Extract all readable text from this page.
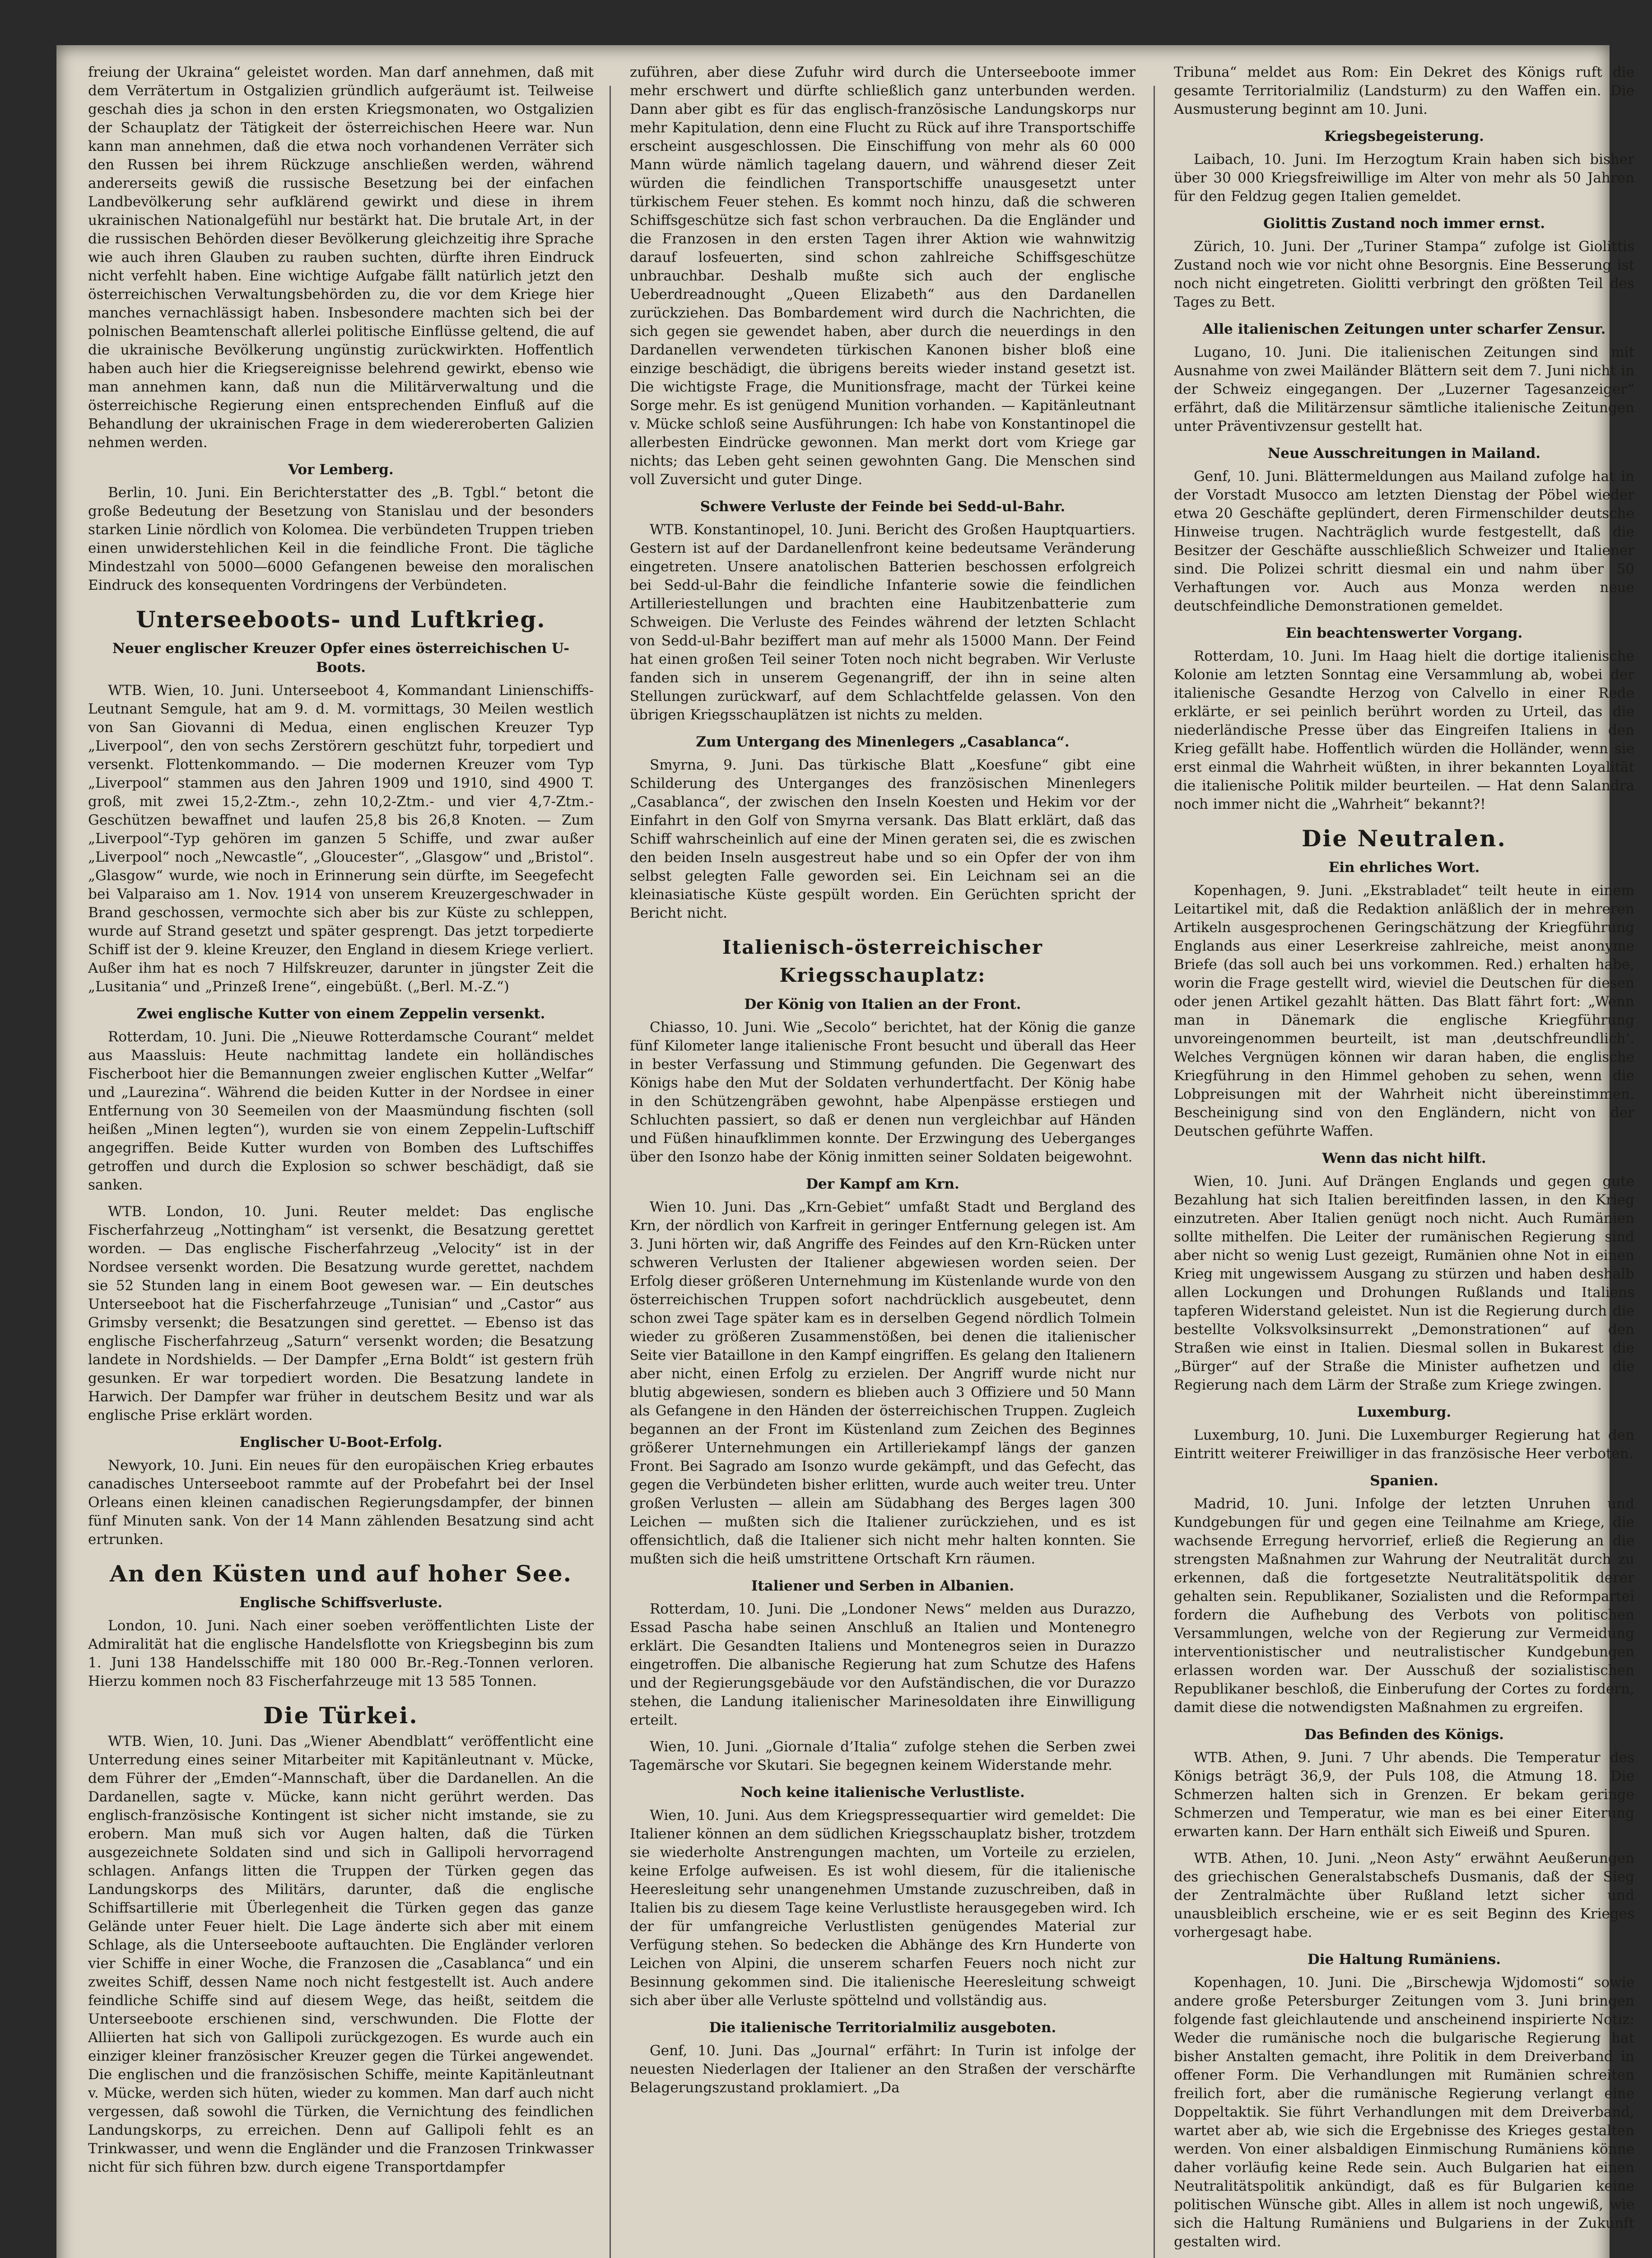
freiung der Ukraina“ geleistet worden. Man darf annehmen, daß mit dem Verrätertum in Ostgalizien gründlich aufgeräumt ist. Teilweise geschah dies ja schon in den ersten Kriegsmonaten, wo Ostgalizien der Schauplatz der Tätigkeit der österreichischen Heere war. Nun kann man annehmen, daß die etwa noch vorhandenen Verräter sich den Russen bei ihrem Rückzuge anschließen werden, während andererseits gewiß die russische Besetzung bei der einfachen Landbevölkerung sehr aufklärend gewirkt und diese in ihrem ukrainischen Nationalgefühl nur bestärkt hat. Die brutale Art, in der die russischen Behörden dieser Bevölkerung gleichzeitig ihre Sprache wie auch ihren Glauben zu rauben suchten, dürfte ihren Eindruck nicht verfehlt haben. Eine wichtige Aufgabe fällt natürlich jetzt den österreichischen Verwaltungsbehörden zu, die vor dem Kriege hier manches vernachlässigt haben. Insbesondere machten sich bei der polnischen Beamtenschaft allerlei politische Einflüsse geltend, die auf die ukrainische Bevölkerung ungünstig zurückwirkten. Hoffentlich haben auch hier die Kriegsereignisse belehrend gewirkt, ebenso wie man annehmen kann, daß nun die Militärverwaltung und die österreichische Regierung einen entsprechenden Einfluß auf die Behandlung der ukrainischen Frage in dem wiedereroberten Galizien nehmen werden.

Vor Lemberg.

Berlin, 10. Juni. Ein Berichterstatter des „B. Tgbl.“ betont die große Bedeutung der Besetzung von Stanislau und der besonders starken Linie nördlich von Kolomea. Die verbündeten Truppen trieben einen unwiderstehlichen Keil in die feindliche Front. Die tägliche Mindestzahl von 5000—6000 Gefangenen beweise den moralischen Eindruck des konsequenten Vordringens der Verbündeten.

Unterseeboots- und Luftkrieg.
Neuer englischer Kreuzer Opfer eines österreichischen U-Boots.

WTB. Wien, 10. Juni. Unterseeboot 4, Kommandant Linienschiffs-Leutnant Semgule, hat am 9. d. M. vormittags, 30 Meilen westlich von San Giovanni di Medua, einen englischen Kreuzer Typ „Liverpool“, den von sechs Zerstörern geschützt fuhr, torpediert und versenkt. Flottenkommando. — Die modernen Kreuzer vom Typ „Liverpool“ stammen aus den Jahren 1909 und 1910, sind 4900 T. groß, mit zwei 15,2-Ztm.-, zehn 10,2-Ztm.- und vier 4,7-Ztm.-Geschützen bewaffnet und laufen 25,8 bis 26,8 Knoten. — Zum „Liverpool“-Typ gehören im ganzen 5 Schiffe, und zwar außer „Liverpool“ noch „Newcastle“, „Gloucester“, „Glasgow“ und „Bristol“. „Glasgow“ wurde, wie noch in Erinnerung sein dürfte, im Seegefecht bei Valparaiso am 1. Nov. 1914 von unserem Kreuzergeschwader in Brand geschossen, vermochte sich aber bis zur Küste zu schleppen, wurde auf Strand gesetzt und später gesprengt. Das jetzt torpedierte Schiff ist der 9. kleine Kreuzer, den England in diesem Kriege verliert. Außer ihm hat es noch 7 Hilfskreuzer, darunter in jüngster Zeit die „Lusitania“ und „Prinzeß Irene“, eingebüßt. („Berl. M.-Z.“)

Zwei englische Kutter von einem Zeppelin versenkt.

Rotterdam, 10. Juni. Die „Nieuwe Rotterdamsche Courant“ meldet aus Maassluis: Heute nachmittag landete ein holländisches Fischerboot hier die Bemannungen zweier englischen Kutter „Welfar“ und „Laurezina“. Während die beiden Kutter in der Nordsee in einer Entfernung von 30 Seemeilen von der Maasmündung fischten (soll heißen „Minen legten“), wurden sie von einem Zeppelin-Luftschiff angegriffen. Beide Kutter wurden von Bomben des Luftschiffes getroffen und durch die Explosion so schwer beschädigt, daß sie sanken.

WTB. London, 10. Juni. Reuter meldet: Das englische Fischerfahrzeug „Nottingham“ ist versenkt, die Besatzung gerettet worden. — Das englische Fischerfahrzeug „Velocity“ ist in der Nordsee versenkt worden. Die Besatzung wurde gerettet, nachdem sie 52 Stunden lang in einem Boot gewesen war. — Ein deutsches Unterseeboot hat die Fischerfahrzeuge „Tunisian“ und „Castor“ aus Grimsby versenkt; die Besatzungen sind gerettet. — Ebenso ist das englische Fischerfahrzeug „Saturn“ versenkt worden; die Besatzung landete in Nordshields. — Der Dampfer „Erna Boldt“ ist gestern früh gesunken. Er war torpediert worden. Die Besatzung landete in Harwich. Der Dampfer war früher in deutschem Besitz und war als englische Prise erklärt worden.

Englischer U-Boot-Erfolg.

Newyork, 10. Juni. Ein neues für den europäischen Krieg erbautes canadisches Unterseeboot rammte auf der Probefahrt bei der Insel Orleans einen kleinen canadischen Regierungsdampfer, der binnen fünf Minuten sank. Von der 14 Mann zählenden Besatzung sind acht ertrunken.

An den Küsten und auf hoher See.
Englische Schiffsverluste.

London, 10. Juni. Nach einer soeben veröffentlichten Liste der Admiralität hat die englische Handelsflotte von Kriegsbeginn bis zum 1. Juni 138 Handelsschiffe mit 180 000 Br.-Reg.-Tonnen verloren. Hierzu kommen noch 83 Fischerfahrzeuge mit 13 585 Tonnen.

Die Türkei.

WTB. Wien, 10. Juni. Das „Wiener Abendblatt“ veröffentlicht eine Unterredung eines seiner Mitarbeiter mit Kapitänleutnant v. Mücke, dem Führer der „Emden“-Mannschaft, über die Dardanellen. An die Dardanellen, sagte v. Mücke, kann nicht gerührt werden. Das englisch-französische Kontingent ist sicher nicht imstande, sie zu erobern. Man muß sich vor Augen halten, daß die Türken ausgezeichnete Soldaten sind und sich in Gallipoli hervorragend schlagen. Anfangs litten die Truppen der Türken gegen das Landungskorps des Militärs, darunter, daß die englische Schiffsartillerie mit Überlegenheit die Türken gegen das ganze Gelände unter Feuer hielt. Die Lage änderte sich aber mit einem Schlage, als die Unterseeboote auftauchten. Die Engländer verloren vier Schiffe in einer Woche, die Franzosen die „Casablanca“ und ein zweites Schiff, dessen Name noch nicht festgestellt ist. Auch andere feindliche Schiffe sind auf diesem Wege, das heißt, seitdem die Unterseeboote erschienen sind, verschwunden. Die Flotte der Alliierten hat sich von Gallipoli zurückgezogen. Es wurde auch ein einziger kleiner französischer Kreuzer gegen die Türkei angewendet. Die englischen und die französischen Schiffe, meinte Kapitänleutnant v. Mücke, werden sich hüten, wieder zu kommen. Man darf auch nicht vergessen, daß sowohl die Türken, die Vernichtung des feindlichen Landungskorps, zu erreichen. Denn auf Gallipoli fehlt es an Trinkwasser, und wenn die Engländer und die Franzosen Trinkwasser nicht für sich führen bzw. durch eigene Transportdampfer

zuführen, aber diese Zufuhr wird durch die Unterseeboote immer mehr erschwert und dürfte schließlich ganz unterbunden werden. Dann aber gibt es für das englisch-französische Landungskorps nur mehr Kapitulation, denn eine Flucht zu Rück auf ihre Transportschiffe erscheint ausgeschlossen. Die Einschiffung von mehr als 60 000 Mann würde nämlich tagelang dauern, und während dieser Zeit würden die feindlichen Transportschiffe unausgesetzt unter türkischem Feuer stehen. Es kommt noch hinzu, daß die schweren Schiffsgeschütze sich fast schon verbrauchen. Da die Engländer und die Franzosen in den ersten Tagen ihrer Aktion wie wahnwitzig darauf losfeuerten, sind schon zahlreiche Schiffsgeschütze unbrauchbar. Deshalb mußte sich auch der englische Ueberdreadnought „Queen Elizabeth“ aus den Dardanellen zurückziehen. Das Bombardement wird durch die Nachrichten, die sich gegen sie gewendet haben, aber durch die neuerdings in den Dardanellen verwendeten türkischen Kanonen bisher bloß eine einzige beschädigt, die übrigens bereits wieder instand gesetzt ist. Die wichtigste Frage, die Munitionsfrage, macht der Türkei keine Sorge mehr. Es ist genügend Munition vorhanden. — Kapitänleutnant v. Mücke schloß seine Ausführungen: Ich habe von Konstantinopel die allerbesten Eindrücke gewonnen. Man merkt dort vom Kriege gar nichts; das Leben geht seinen gewohnten Gang. Die Menschen sind voll Zuversicht und guter Dinge.

Schwere Verluste der Feinde bei Sedd-ul-Bahr.

WTB. Konstantinopel, 10. Juni. Bericht des Großen Hauptquartiers. Gestern ist auf der Dardanellenfront keine bedeutsame Veränderung eingetreten. Unsere anatolischen Batterien beschossen erfolgreich bei Sedd-ul-Bahr die feindliche Infanterie sowie die feindlichen Artilleriestellungen und brachten eine Haubitzenbatterie zum Schweigen. Die Verluste des Feindes während der letzten Schlacht von Sedd-ul-Bahr beziffert man auf mehr als 15000 Mann. Der Feind hat einen großen Teil seiner Toten noch nicht begraben. Wir Verluste fanden sich in unserem Gegenangriff, der ihn in seine alten Stellungen zurückwarf, auf dem Schlachtfelde gelassen. Von den übrigen Kriegsschauplätzen ist nichts zu melden.

Zum Untergang des Minenlegers „Casablanca“.

Smyrna, 9. Juni. Das türkische Blatt „Koesfune“ gibt eine Schilderung des Unterganges des französischen Minenlegers „Casablanca“, der zwischen den Inseln Koesten und Hekim vor der Einfahrt in den Golf von Smyrna versank. Das Blatt erklärt, daß das Schiff wahrscheinlich auf eine der Minen geraten sei, die es zwischen den beiden Inseln ausgestreut habe und so ein Opfer der von ihm selbst gelegten Falle geworden sei. Ein Leichnam sei an die kleinasiatische Küste gespült worden. Ein Gerüchten spricht der Bericht nicht.

Italienisch-österreichischer Kriegsschauplatz:
Der König von Italien an der Front.

Chiasso, 10. Juni. Wie „Secolo“ berichtet, hat der König die ganze fünf Kilometer lange italienische Front besucht und überall das Heer in bester Verfassung und Stimmung gefunden. Die Gegenwart des Königs habe den Mut der Soldaten verhundertfacht. Der König habe in den Schützengräben gewohnt, habe Alpenpässe erstiegen und Schluchten passiert, so daß er denen nun vergleichbar auf Händen und Füßen hinaufklimmen konnte. Der Erzwingung des Ueberganges über den Isonzo habe der König inmitten seiner Soldaten beigewohnt.

Der Kampf am Krn.

Wien 10. Juni. Das „Krn-Gebiet“ umfaßt Stadt und Bergland des Krn, der nördlich von Karfreit in geringer Entfernung gelegen ist. Am 3. Juni hörten wir, daß Angriffe des Feindes auf den Krn-Rücken unter schweren Verlusten der Italiener abgewiesen worden seien. Der Erfolg dieser größeren Unternehmung im Küstenlande wurde von den österreichischen Truppen sofort nachdrücklich ausgebeutet, denn schon zwei Tage später kam es in derselben Gegend nördlich Tolmein wieder zu größeren Zusammenstößen, bei denen die italienischer Seite vier Bataillone in den Kampf eingriffen. Es gelang den Italienern aber nicht, einen Erfolg zu erzielen. Der Angriff wurde nicht nur blutig abgewiesen, sondern es blieben auch 3 Offiziere und 50 Mann als Gefangene in den Händen der österreichischen Truppen. Zugleich begannen an der Front im Küstenland zum Zeichen des Beginnes größerer Unternehmungen ein Artilleriekampf längs der ganzen Front. Bei Sagrado am Isonzo wurde gekämpft, und das Gefecht, das gegen die Verbündeten bisher erlitten, wurde auch weiter treu. Unter großen Verlusten — allein am Südabhang des Berges lagen 300 Leichen — mußten sich die Italiener zurückziehen, und es ist offensichtlich, daß die Italiener sich nicht mehr halten konnten. Sie mußten sich die heiß umstrittene Ortschaft Krn räumen.

Italiener und Serben in Albanien.

Rotterdam, 10. Juni. Die „Londoner News“ melden aus Durazzo, Essad Pascha habe seinen Anschluß an Italien und Montenegro erklärt. Die Gesandten Italiens und Montenegros seien in Durazzo eingetroffen. Die albanische Regierung hat zum Schutze des Hafens und der Regierungsgebäude vor den Aufständischen, die vor Durazzo stehen, die Landung italienischer Marinesoldaten ihre Einwilligung erteilt.

Wien, 10. Juni. „Giornale d’Italia“ zufolge stehen die Serben zwei Tagemärsche vor Skutari. Sie begegnen keinem Widerstande mehr.

Noch keine italienische Verlustliste.

Wien, 10. Juni. Aus dem Kriegspressequartier wird gemeldet: Die Italiener können an dem südlichen Kriegsschauplatz bisher, trotzdem sie wiederholte Anstrengungen machten, um Vorteile zu erzielen, keine Erfolge aufweisen. Es ist wohl diesem, für die italienische Heeresleitung sehr unangenehmen Umstande zuzuschreiben, daß in Italien bis zu diesem Tage keine Verlustliste herausgegeben wird. Ich der für umfangreiche Verlustlisten genügendes Material zur Verfügung stehen. So bedecken die Abhänge des Krn Hunderte von Leichen von Alpini, die unserem scharfen Feuers noch nicht zur Besinnung gekommen sind. Die italienische Heeresleitung schweigt sich aber über alle Verluste spöttelnd und vollständig aus.

Die italienische Territorialmiliz ausgeboten.

Genf, 10. Juni. Das „Journal“ erfährt: In Turin ist infolge der neuesten Niederlagen der Italiener an den Straßen der verschärfte Belagerungszustand proklamiert. „Da

Tribuna“ meldet aus Rom: Ein Dekret des Königs ruft die gesamte Territorialmiliz (Landsturm) zu den Waffen ein. Die Ausmusterung beginnt am 10. Juni.

Kriegsbegeisterung.

Laibach, 10. Juni. Im Herzogtum Krain haben sich bisher über 30 000 Kriegsfreiwillige im Alter von mehr als 50 Jahren für den Feldzug gegen Italien gemeldet.

Giolittis Zustand noch immer ernst.

Zürich, 10. Juni. Der „Turiner Stampa“ zufolge ist Giolittis Zustand noch wie vor nicht ohne Besorgnis. Eine Besserung ist noch nicht eingetreten. Giolitti verbringt den größten Teil des Tages zu Bett.

Alle italienischen Zeitungen unter scharfer Zensur.

Lugano, 10. Juni. Die italienischen Zeitungen sind mit Ausnahme von zwei Mailänder Blättern seit dem 7. Juni nicht in der Schweiz eingegangen. Der „Luzerner Tagesanzeiger“ erfährt, daß die Militärzensur sämtliche italienische Zeitungen unter Präventivzensur gestellt hat.

Neue Ausschreitungen in Mailand.

Genf, 10. Juni. Blättermeldungen aus Mailand zufolge hat in der Vorstadt Musocco am letzten Dienstag der Pöbel wieder etwa 20 Geschäfte geplündert, deren Firmenschilder deutsche Hinweise trugen. Nachträglich wurde festgestellt, daß die Besitzer der Geschäfte ausschließlich Schweizer und Italiener sind. Die Polizei schritt diesmal ein und nahm über 50 Verhaftungen vor. Auch aus Monza werden neue deutschfeindliche Demonstrationen gemeldet.

Ein beachtenswerter Vorgang.

Rotterdam, 10. Juni. Im Haag hielt die dortige italienische Kolonie am letzten Sonntag eine Versammlung ab, wobei der italienische Gesandte Herzog von Calvello in einer Rede erklärte, er sei peinlich berührt worden zu Urteil, das die niederländische Presse über das Eingreifen Italiens in den Krieg gefällt habe. Hoffentlich würden die Holländer, wenn sie erst einmal die Wahrheit wüßten, in ihrer bekannten Loyalität die italienische Politik milder beurteilen. — Hat denn Salandra noch immer nicht die „Wahrheit“ bekannt?!

Die Neutralen.
Ein ehrliches Wort.

Kopenhagen, 9. Juni. „Ekstrabladet“ teilt heute in einem Leitartikel mit, daß die Redaktion anläßlich der in mehreren Artikeln ausgesprochenen Geringschätzung der Kriegführung Englands aus einer Leserkreise zahlreiche, meist anonyme Briefe (das soll auch bei uns vorkommen. Red.) erhalten habe, worin die Frage gestellt wird, wieviel die Deutschen für diesen oder jenen Artikel gezahlt hätten. Das Blatt fährt fort: „Wenn man in Dänemark die englische Kriegführung unvoreingenommen beurteilt, ist man ,deutschfreundlich‘. Welches Vergnügen können wir daran haben, die englische Kriegführung in den Himmel gehoben zu sehen, wenn die Lobpreisungen mit der Wahrheit nicht übereinstimmen. Bescheinigung sind von den Engländern, nicht von der Deutschen geführte Waffen.

Wenn das nicht hilft.

Wien, 10. Juni. Auf Drängen Englands und gegen gute Bezahlung hat sich Italien bereitfinden lassen, in den Krieg einzutreten. Aber Italien genügt noch nicht. Auch Rumänien sollte mithelfen. Die Leiter der rumänischen Regierung sind aber nicht so wenig Lust gezeigt, Rumänien ohne Not in einen Krieg mit ungewissem Ausgang zu stürzen und haben deshalb allen Lockungen und Drohungen Rußlands und Italiens tapferen Widerstand geleistet. Nun ist die Regierung durch die bestellte Volksvolksinsurrekt „Demonstrationen“ auf den Straßen wie einst in Italien. Diesmal sollen in Bukarest die „Bürger“ auf der Straße die Minister aufhetzen und die Regierung nach dem Lärm der Straße zum Kriege zwingen.

Luxemburg.

Luxemburg, 10. Juni. Die Luxemburger Regierung hat den Eintritt weiterer Freiwilliger in das französische Heer verboten.

Spanien.

Madrid, 10. Juni. Infolge der letzten Unruhen und Kundgebungen für und gegen eine Teilnahme am Kriege, die wachsende Erregung hervorrief, erließ die Regierung an die strengsten Maßnahmen zur Wahrung der Neutralität durch zu erkennen, daß die fortgesetzte Neutralitätspolitik derer gehalten sein. Republikaner, Sozialisten und die Reformpartei fordern die Aufhebung des Verbots von politischen Versammlungen, welche von der Regierung zur Vermeidung interventionistischer und neutralistischer Kundgebungen erlassen worden war. Der Ausschuß der sozialistischen Republikaner beschloß, die Einberufung der Cortes zu fordern, damit diese die notwendigsten Maßnahmen zu ergreifen.

Das Befinden des Königs.

WTB. Athen, 9. Juni. 7 Uhr abends. Die Temperatur des Königs beträgt 36,9, der Puls 108, die Atmung 18. Die Schmerzen halten sich in Grenzen. Er bekam geringe Schmerzen und Temperatur, wie man es bei einer Eiterung erwarten kann. Der Harn enthält sich Eiweiß und Spuren.

WTB. Athen, 10. Juni. „Neon Asty“ erwähnt Aeußerungen des griechischen Generalstabschefs Dusmanis, daß der Sieg der Zentralmächte über Rußland letzt sicher und unausbleiblich erscheine, wie er es seit Beginn des Krieges vorhergesagt habe.

Die Haltung Rumäniens.

Kopenhagen, 10. Juni. Die „Birschewja Wjdomosti“ sowie andere große Petersburger Zeitungen vom 3. Juni bringen folgende fast gleichlautende und anscheinend inspirierte Notiz: Weder die rumänische noch die bulgarische Regierung hat bisher Anstalten gemacht, ihre Politik in dem Dreiverband in offener Form. Die Verhandlungen mit Rumänien schreiten freilich fort, aber die rumänische Regierung verlangt eine Doppeltaktik. Sie führt Verhandlungen mit dem Dreiverband, wartet aber ab, wie sich die Ergebnisse des Krieges gestalten werden. Von einer alsbaldigen Einmischung Rumäniens könne daher vorläufig keine Rede sein. Auch Bulgarien hat einen Neutralitätspolitik ankündigt, daß es für Bulgarien keine politischen Wünsche gibt. Alles in allem ist noch ungewiß, wie sich die Haltung Rumäniens und Bulgariens in der Zukunft gestalten wird.
